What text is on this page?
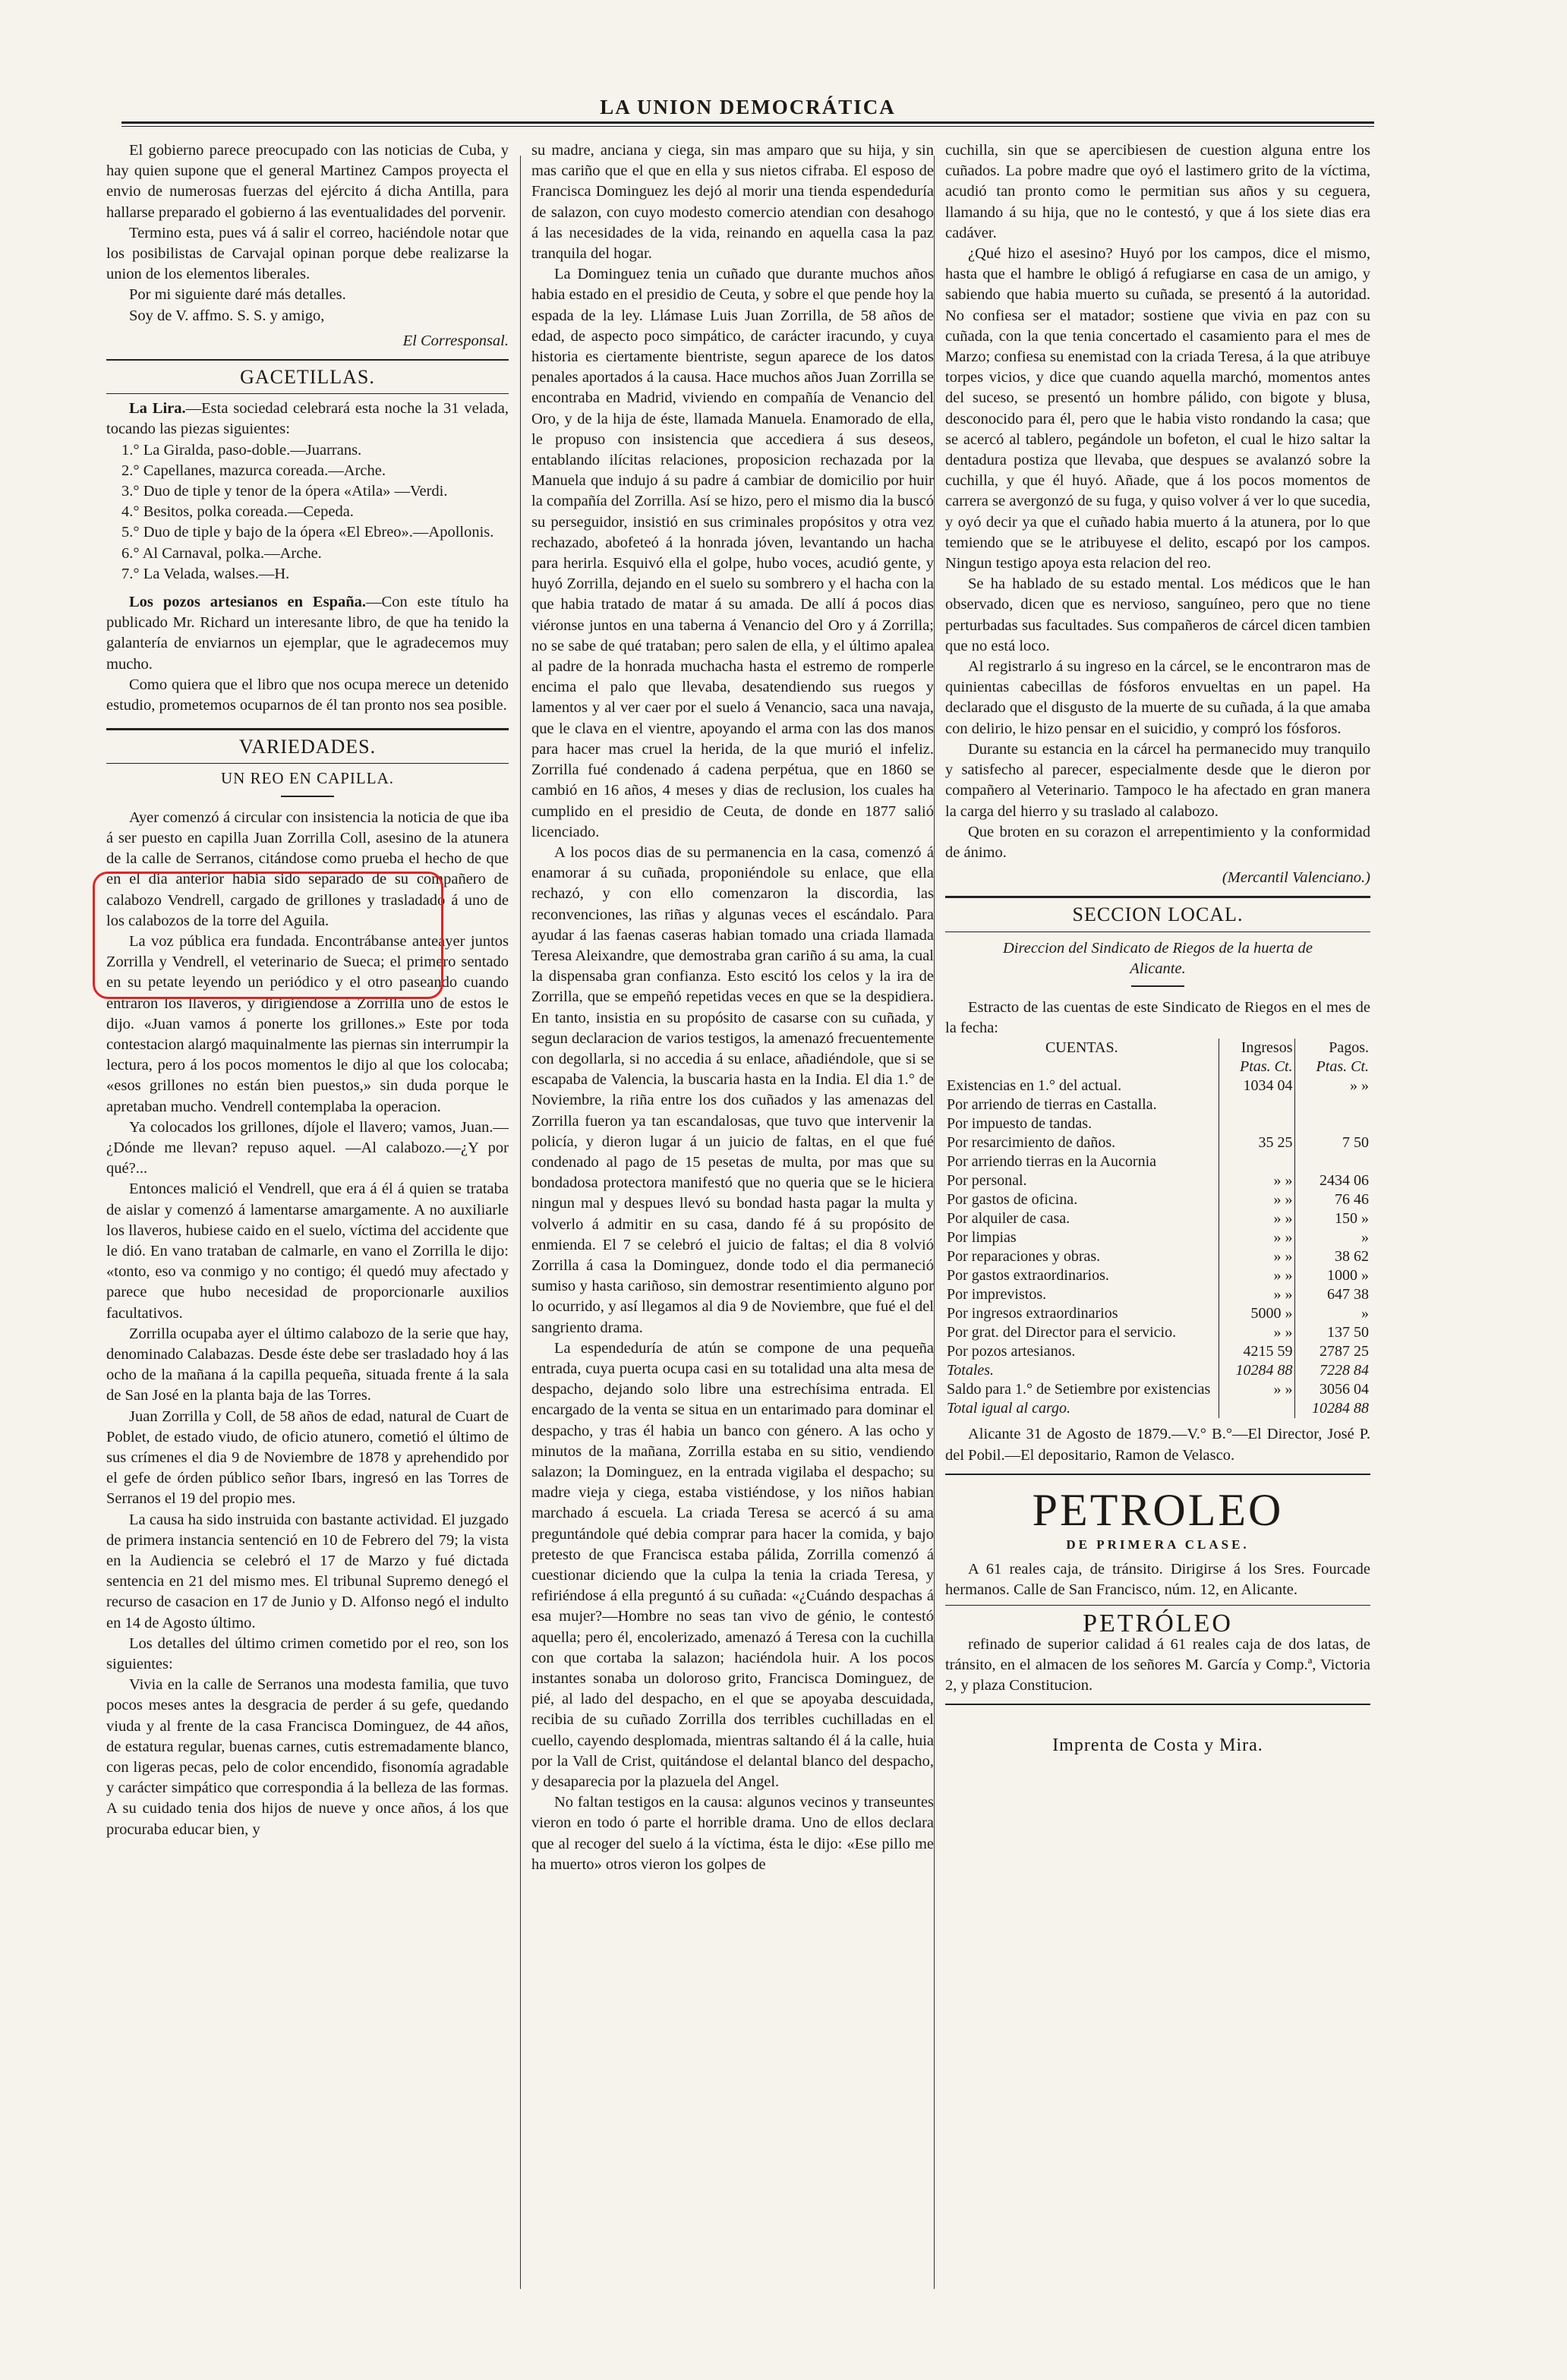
LA UNION DEMOCRÁTICA

El gobierno parece preocupado con las noticias de Cuba, y hay quien supone que el general Martinez Campos proyecta el envio de numerosas fuerzas del ejército á dicha Antilla, para hallarse preparado el gobierno á las eventualidades del porvenir.

Termino esta, pues vá á salir el correo, haciéndole notar que los posibilistas de Carvajal opinan porque debe realizarse la union de los elementos liberales.

Por mi siguiente daré más detalles.

Soy de V. affmo. S. S. y amigo,

El Corresponsal.
GACETILLAS.

La Lira.—Esta sociedad celebrará esta noche la 31 velada, tocando las piezas siguientes:

1.° La Giralda, paso-doble.—Juarrans.
2.° Capellanes, mazurca coreada.—Arche.
3.° Duo de tiple y tenor de la ópera «Atila» —Verdi.
4.° Besitos, polka coreada.—Cepeda.
5.° Duo de tiple y bajo de la ópera «El Ebreo».—Apollonis.
6.° Al Carnaval, polka.—Arche.
7.° La Velada, walses.—H.

Los pozos artesianos en España.—Con este título ha publicado Mr. Richard un interesante libro, de que ha tenido la galantería de enviarnos un ejemplar, que le agradecemos muy mucho.

Como quiera que el libro que nos ocupa merece un detenido estudio, prometemos ocuparnos de él tan pronto nos sea posible.

VARIEDADES.
UN REO EN CAPILLA.

Ayer comenzó á circular con insistencia la noticia de que iba á ser puesto en capilla Juan Zorrilla Coll, asesino de la atunera de la calle de Serranos, citándose como prueba el hecho de que en el dia anterior habia sido separado de su compañero de calabozo Vendrell, cargado de grillones y trasladado á uno de los calabozos de la torre del Aguila.

La voz pública era fundada. Encontrábanse anteayer juntos Zorrilla y Vendrell, el veterinario de Sueca; el primero sentado en su petate leyendo un periódico y el otro paseando cuando entraron los llaveros, y dirigiéndose á Zorrilla uno de estos le dijo. «Juan vamos á ponerte los grillones.» Este por toda contestacion alargó maquinalmente las piernas sin interrumpir la lectura, pero á los pocos momentos le dijo al que los colocaba; «esos grillones no están bien puestos,» sin duda porque le apretaban mucho. Vendrell contemplaba la operacion.

Ya colocados los grillones, díjole el llavero; vamos, Juan.—¿Dónde me llevan? repuso aquel. —Al calabozo.—¿Y por qué?...

Entonces malició el Vendrell, que era á él á quien se trataba de aislar y comenzó á lamentarse amargamente. A no auxiliarle los llaveros, hubiese caido en el suelo, víctima del accidente que le dió. En vano trataban de calmarle, en vano el Zorrilla le dijo: «tonto, eso va conmigo y no contigo; él quedó muy afectado y parece que hubo necesidad de proporcionarle auxilios facultativos.

Zorrilla ocupaba ayer el último calabozo de la serie que hay, denominado Calabazas. Desde éste debe ser trasladado hoy á las ocho de la mañana á la capilla pequeña, situada frente á la sala de San José en la planta baja de las Torres.

Juan Zorrilla y Coll, de 58 años de edad, natural de Cuart de Poblet, de estado viudo, de oficio atunero, cometió el último de sus crímenes el dia 9 de Noviembre de 1878 y aprehendido por el gefe de órden público señor Ibars, ingresó en las Torres de Serranos el 19 del propio mes.

La causa ha sido instruida con bastante actividad. El juzgado de primera instancia sentenció en 10 de Febrero del 79; la vista en la Audiencia se celebró el 17 de Marzo y fué dictada sentencia en 21 del mismo mes. El tribunal Supremo denegó el recurso de casacion en 17 de Junio y D. Alfonso negó el indulto en 14 de Agosto último.

Los detalles del último crimen cometido por el reo, son los siguientes:

Vivia en la calle de Serranos una modesta familia, que tuvo pocos meses antes la desgracia de perder á su gefe, quedando viuda y al frente de la casa Francisca Dominguez, de 44 años, de estatura regular, buenas carnes, cutis estremadamente blanco, con ligeras pecas, pelo de color encendido, fisonomía agradable y carácter simpático que correspondia á la belleza de las formas. A su cuidado tenia dos hijos de nueve y once años, á los que procuraba educar bien, y

su madre, anciana y ciega, sin mas amparo que su hija, y sin mas cariño que el que en ella y sus nietos cifraba. El esposo de Francisca Dominguez les dejó al morir una tienda espendeduría de salazon, con cuyo modesto comercio atendian con desahogo á las necesidades de la vida, reinando en aquella casa la paz tranquila del hogar.

La Dominguez tenia un cuñado que durante muchos años habia estado en el presidio de Ceuta, y sobre el que pende hoy la espada de la ley. Llámase Luis Juan Zorrilla, de 58 años de edad, de aspecto poco simpático, de carácter iracundo, y cuya historia es ciertamente bientriste, segun aparece de los datos penales aportados á la causa. Hace muchos años Juan Zorrilla se encontraba en Madrid, viviendo en compañía de Venancio del Oro, y de la hija de éste, llamada Manuela. Enamorado de ella, le propuso con insistencia que accediera á sus deseos, entablando ilícitas relaciones, proposicion rechazada por la Manuela que indujo á su padre á cambiar de domicilio por huir la compañía del Zorrilla. Así se hizo, pero el mismo dia la buscó su perseguidor, insistió en sus criminales propósitos y otra vez rechazado, abofeteó á la honrada jóven, levantando un hacha para herirla. Esquivó ella el golpe, hubo voces, acudió gente, y huyó Zorrilla, dejando en el suelo su sombrero y el hacha con la que habia tratado de matar á su amada. De allí á pocos dias viéronse juntos en una taberna á Venancio del Oro y á Zorrilla; no se sabe de qué trataban; pero salen de ella, y el último apalea al padre de la honrada muchacha hasta el estremo de romperle encima el palo que llevaba, desatendiendo sus ruegos y lamentos y al ver caer por el suelo á Venancio, saca una navaja, que le clava en el vientre, apoyando el arma con las dos manos para hacer mas cruel la herida, de la que murió el infeliz. Zorrilla fué condenado á cadena perpétua, que en 1860 se cambió en 16 años, 4 meses y dias de reclusion, los cuales ha cumplido en el presidio de Ceuta, de donde en 1877 salió licenciado.

A los pocos dias de su permanencia en la casa, comenzó á enamorar á su cuñada, proponiéndole su enlace, que ella rechazó, y con ello comenzaron la discordia, las reconvenciones, las riñas y algunas veces el escándalo. Para ayudar á las faenas caseras habian tomado una criada llamada Teresa Aleixandre, que demostraba gran cariño á su ama, la cual la dispensaba gran confianza. Esto escitó los celos y la ira de Zorrilla, que se empeñó repetidas veces en que se la despidiera. En tanto, insistia en su propósito de casarse con su cuñada, y segun declaracion de varios testigos, la amenazó frecuentemente con degollarla, si no accedia á su enlace, añadiéndole, que si se escapaba de Valencia, la buscaria hasta en la India. El dia 1.° de Noviembre, la riña entre los dos cuñados y las amenazas del Zorrilla fueron ya tan escandalosas, que tuvo que intervenir la policía, y dieron lugar á un juicio de faltas, en el que fué condenado al pago de 15 pesetas de multa, por mas que su bondadosa protectora manifestó que no queria que se le hiciera ningun mal y despues llevó su bondad hasta pagar la multa y volverlo á admitir en su casa, dando fé á su propósito de enmienda. El 7 se celebró el juicio de faltas; el dia 8 volvió Zorrilla á casa la Dominguez, donde todo el dia permaneció sumiso y hasta cariñoso, sin demostrar resentimiento alguno por lo ocurrido, y así llegamos al dia 9 de Noviembre, que fué el del sangriento drama.

La espendeduría de atún se compone de una pequeña entrada, cuya puerta ocupa casi en su totalidad una alta mesa de despacho, dejando solo libre una estrechísima entrada. El encargado de la venta se situa en un entarimado para dominar el despacho, y tras él habia un banco con género. A las ocho y minutos de la mañana, Zorrilla estaba en su sitio, vendiendo salazon; la Dominguez, en la entrada vigilaba el despacho; su madre vieja y ciega, estaba vistiéndose, y los niños habian marchado á escuela. La criada Teresa se acercó á su ama preguntándole qué debia comprar para hacer la comida, y bajo pretesto de que Francisca estaba pálida, Zorrilla comenzó á cuestionar diciendo que la culpa la tenia la criada Teresa, y refiriéndose á ella preguntó á su cuñada: «¿Cuándo despachas á esa mujer?—Hombre no seas tan vivo de génio, le contestó aquella; pero él, encolerizado, amenazó á Teresa con la cuchilla con que cortaba la salazon; haciéndola huir. A los pocos instantes sonaba un doloroso grito, Francisca Dominguez, de pié, al lado del despacho, en el que se apoyaba descuidada, recibia de su cuñado Zorrilla dos terribles cuchilladas en el cuello, cayendo desplomada, mientras saltando él á la calle, huia por la Vall de Crist, quitándose el delantal blanco del despacho, y desaparecia por la plazuela del Angel.

No faltan testigos en la causa: algunos vecinos y transeuntes vieron en todo ó parte el horrible drama. Uno de ellos declara que al recoger del suelo á la víctima, ésta le dijo: «Ese pillo me ha muerto» otros vieron los golpes de

cuchilla, sin que se apercibiesen de cuestion alguna entre los cuñados. La pobre madre que oyó el lastimero grito de la víctima, acudió tan pronto como le permitian sus años y su ceguera, llamando á su hija, que no le contestó, y que á los siete dias era cadáver.

¿Qué hizo el asesino? Huyó por los campos, dice el mismo, hasta que el hambre le obligó á refugiarse en casa de un amigo, y sabiendo que habia muerto su cuñada, se presentó á la autoridad. No confiesa ser el matador; sostiene que vivia en paz con su cuñada, con la que tenia concertado el casamiento para el mes de Marzo; confiesa su enemistad con la criada Teresa, á la que atribuye torpes vicios, y dice que cuando aquella marchó, momentos antes del suceso, se presentó un hombre pálido, con bigote y blusa, desconocido para él, pero que le habia visto rondando la casa; que se acercó al tablero, pegándole un bofeton, el cual le hizo saltar la dentadura postiza que llevaba, que despues se avalanzó sobre la cuchilla, y que él huyó. Añade, que á los pocos momentos de carrera se avergonzó de su fuga, y quiso volver á ver lo que sucedia, y oyó decir ya que el cuñado habia muerto á la atunera, por lo que temiendo que se le atribuyese el delito, escapó por los campos. Ningun testigo apoya esta relacion del reo.

Se ha hablado de su estado mental. Los médicos que le han observado, dicen que es nervioso, sanguíneo, pero que no tiene perturbadas sus facultades. Sus compañeros de cárcel dicen tambien que no está loco.

Al registrarlo á su ingreso en la cárcel, se le encontraron mas de quinientas cabecillas de fósforos envueltas en un papel. Ha declarado que el disgusto de la muerte de su cuñada, á la que amaba con delirio, le hizo pensar en el suicidio, y compró los fósforos.

Durante su estancia en la cárcel ha permanecido muy tranquilo y satisfecho al parecer, especialmente desde que le dieron por compañero al Veterinario. Tampoco le ha afectado en gran manera la carga del hierro y su traslado al calabozo.

Que broten en su corazon el arrepentimiento y la conformidad de ánimo.

(Mercantil Valenciano.)
SECCION LOCAL.
Direccion del Sindicato de Riegos de la huerta de Alicante.

Estracto de las cuentas de este Sindicato de Riegos en el mes de la fecha:

CUENTAS.	Ingresos	Pagos.
	Ptas. Ct.	Ptas. Ct.
Existencias en 1.° del actual.	1034 04	» »
Por arriendo de tierras en Castalla.		
Por impuesto de tandas.		
Por resarcimiento de daños.	35 25	7 50
Por arriendo tierras en la Aucornia		
Por personal.	» »	2434 06
Por gastos de oficina.	» »	76 46
Por alquiler de casa.	» »	150 »
Por limpias	» »	»
Por reparaciones y obras.	» »	38 62
Por gastos extraordinarios.	» »	1000 »
Por imprevistos.	» »	647 38
Por ingresos extraordinarios	5000 »	»
Por grat. del Director para el servicio.	» »	137 50
Por pozos artesianos.	4215 59	2787 25
Totales.	10284 88	7228 84
Saldo para 1.° de Setiembre por existencias	» »	3056 04
Total igual al cargo.		10284 88

Alicante 31 de Agosto de 1879.—V.° B.°—El Director, José P. del Pobil.—El depositario, Ramon de Velasco.

PETROLEO
DE PRIMERA CLASE.

A 61 reales caja, de tránsito. Dirigirse á los Sres. Fourcade hermanos. Calle de San Francisco, núm. 12, en Alicante.

PETRÓLEO

refinado de superior calidad á 61 reales caja de dos latas, de tránsito, en el almacen de los señores M. García y Comp.ª, Victoria 2, y plaza Constitucion.

Imprenta de Costa y Mira.
